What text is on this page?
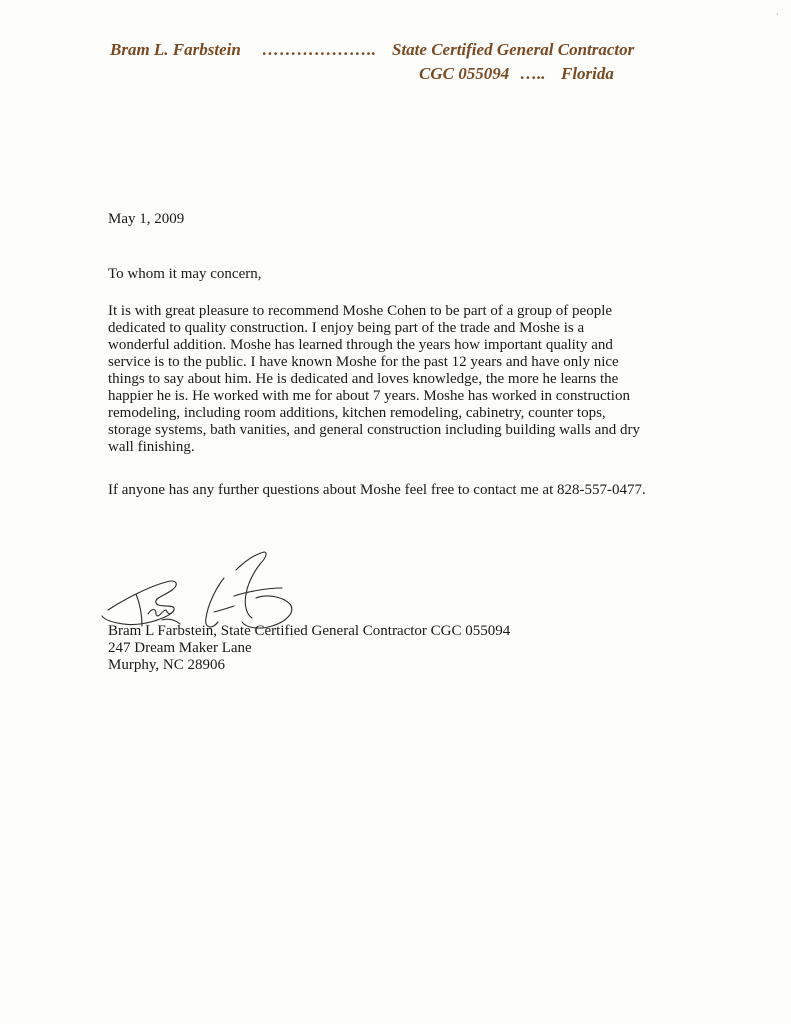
·
Bram L. Farbstein ……………….. State Certified General Contractor
CGC 055094 ….. Florida
May 1, 2009
To whom it may concern,
It is with great pleasure to recommend Moshe Cohen to be part of a group of people
dedicated to quality construction. I enjoy being part of the trade and Moshe is a
wonderful addition. Moshe has learned through the years how important quality and
service is to the public. I have known Moshe for the past 12 years and have only nice
things to say about him. He is dedicated and loves knowledge, the more he learns the
happier he is. He worked with me for about 7 years. Moshe has worked in construction
remodeling, including room additions, kitchen remodeling, cabinetry, counter tops,
storage systems, bath vanities, and general construction including building walls and dry
wall finishing.
If anyone has any further questions about Moshe feel free to contact me at 828-557-0477.
Bram L Farbstein, State Certified General Contractor CGC 055094
247 Dream Maker Lane
Murphy, NC 28906
